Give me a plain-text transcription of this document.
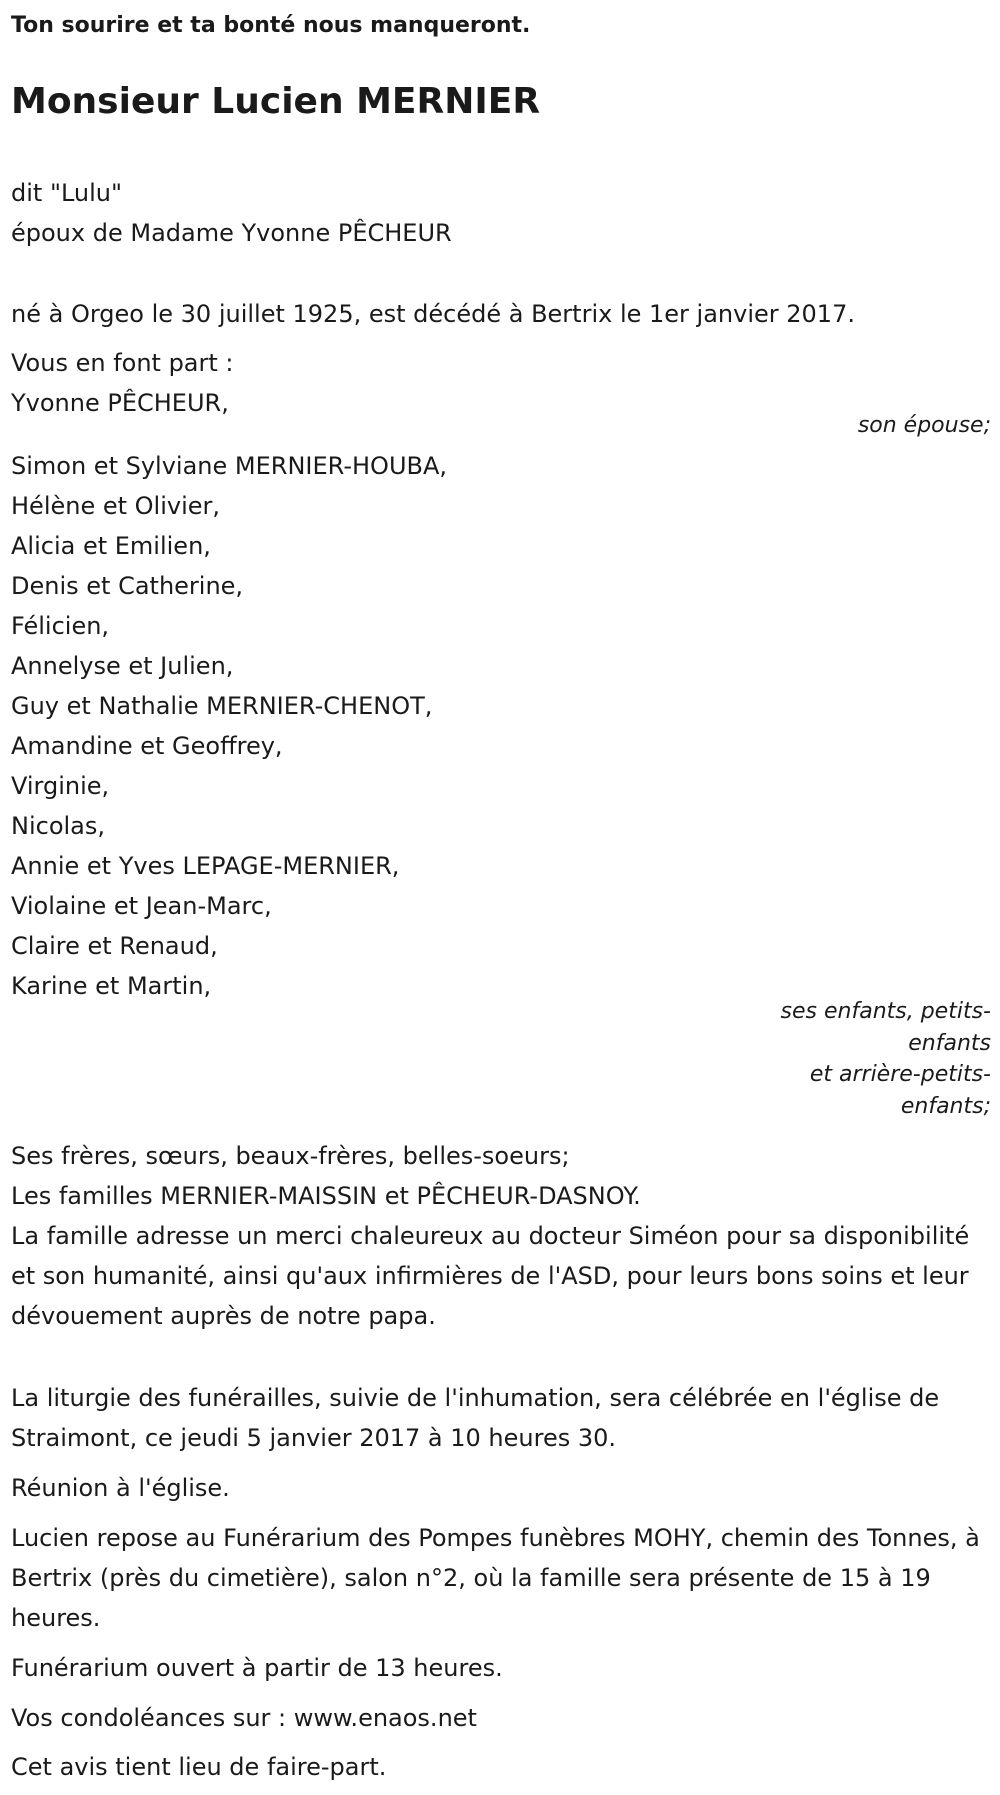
Ton sourire et ta bonté nous manqueront.
Monsieur Lucien MERNIER
dit "Lulu"
époux de Madame Yvonne PÊCHEUR
né à Orgeo le 30 juillet 1925, est décédé à Bertrix le 1er janvier 2017.
Vous en font part :
Yvonne PÊCHEUR,
son épouse;
Simon et Sylviane MERNIER-HOUBA,
Hélène et Olivier,
Alicia et Emilien,
Denis et Catherine,
Félicien,
Annelyse et Julien,
Guy et Nathalie MERNIER-CHENOT,
Amandine et Geoffrey,
Virginie,
Nicolas,
Annie et Yves LEPAGE-MERNIER,
Violaine et Jean-Marc,
Claire et Renaud,
Karine et Martin,
ses enfants, petits-enfants
et arrière-petits-enfants;
Ses frères, sœurs, beaux-frères, belles-soeurs;
Les familles MERNIER-MAISSIN et PÊCHEUR-DASNOY.
La famille adresse un merci chaleureux au docteur Siméon pour sa disponibilité et son humanité, ainsi qu'aux infirmières de l'ASD, pour leurs bons soins et leur dévouement auprès de notre papa.
La liturgie des funérailles, suivie de l'inhumation, sera célébrée en l'église de Straimont, ce jeudi 5 janvier 2017 à 10 heures 30.
Réunion à l'église.
Lucien repose au Funérarium des Pompes funèbres MOHY, chemin des Tonnes, à Bertrix (près du cimetière), salon n°2, où la famille sera présente de 15 à 19 heures.
Funérarium ouvert à partir de 13 heures.
Vos condoléances sur : www.enaos.net
Cet avis tient lieu de faire-part.
